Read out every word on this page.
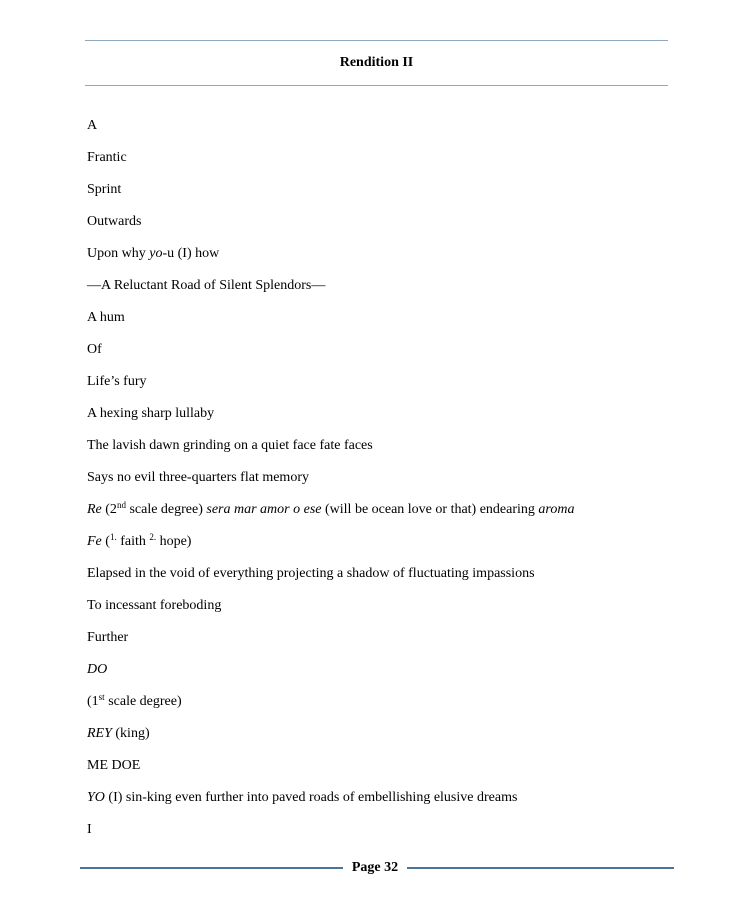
Rendition II
A
Frantic
Sprint
Outwards
Upon why yo-u (I) how
—A Reluctant Road of Silent Splendors—
A hum
Of
Life’s fury
A hexing sharp lullaby
The lavish dawn grinding on a quiet face fate faces
Says no evil three-quarters flat memory
Re (2nd scale degree) sera mar amor o ese (will be ocean love or that) endearing aroma
Fe ($^{1.}$ faith $^{2.}$ hope)
Elapsed in the void of everything projecting a shadow of fluctuating impassions
To incessant foreboding
Further
DO
(1st scale degree)
REY (king)
ME DOE
YO (I) sin-king even further into paved roads of embellishing elusive dreams
I
Page 32
